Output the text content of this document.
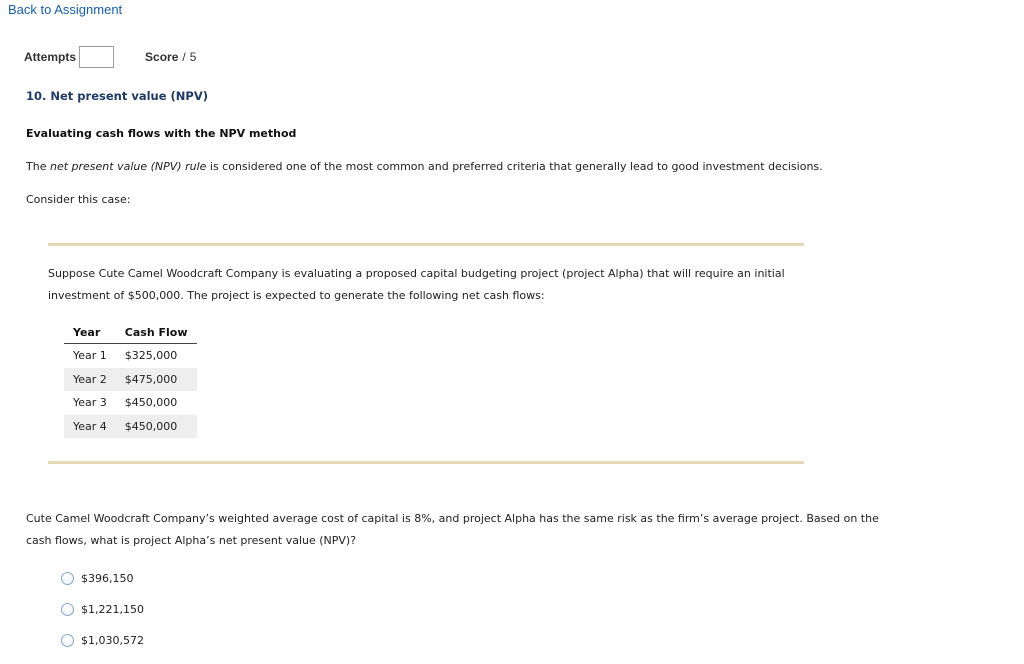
Back to Assignment
Attempts	Score / 5
10. Net present value (NPV)
Evaluating cash flows with the NPV method
The net present value (NPV) rule is considered one of the most common and preferred criteria that generally lead to good investment decisions.
Consider this case:
Suppose Cute Camel Woodcraft Company is evaluating a proposed capital budgeting project (project Alpha) that will require an initial investment of $500,000. The project is expected to generate the following net cash flows:
Year	Cash Flow
Year 1	$325,000
Year 2	$475,000
Year 3	$450,000
Year 4	$450,000
Cute Camel Woodcraft Company’s weighted average cost of capital is 8%, and project Alpha has the same risk as the firm’s average project. Based on the cash flows, what is project Alpha’s net present value (NPV)?
$396,150
$1,221,150
$1,030,572
